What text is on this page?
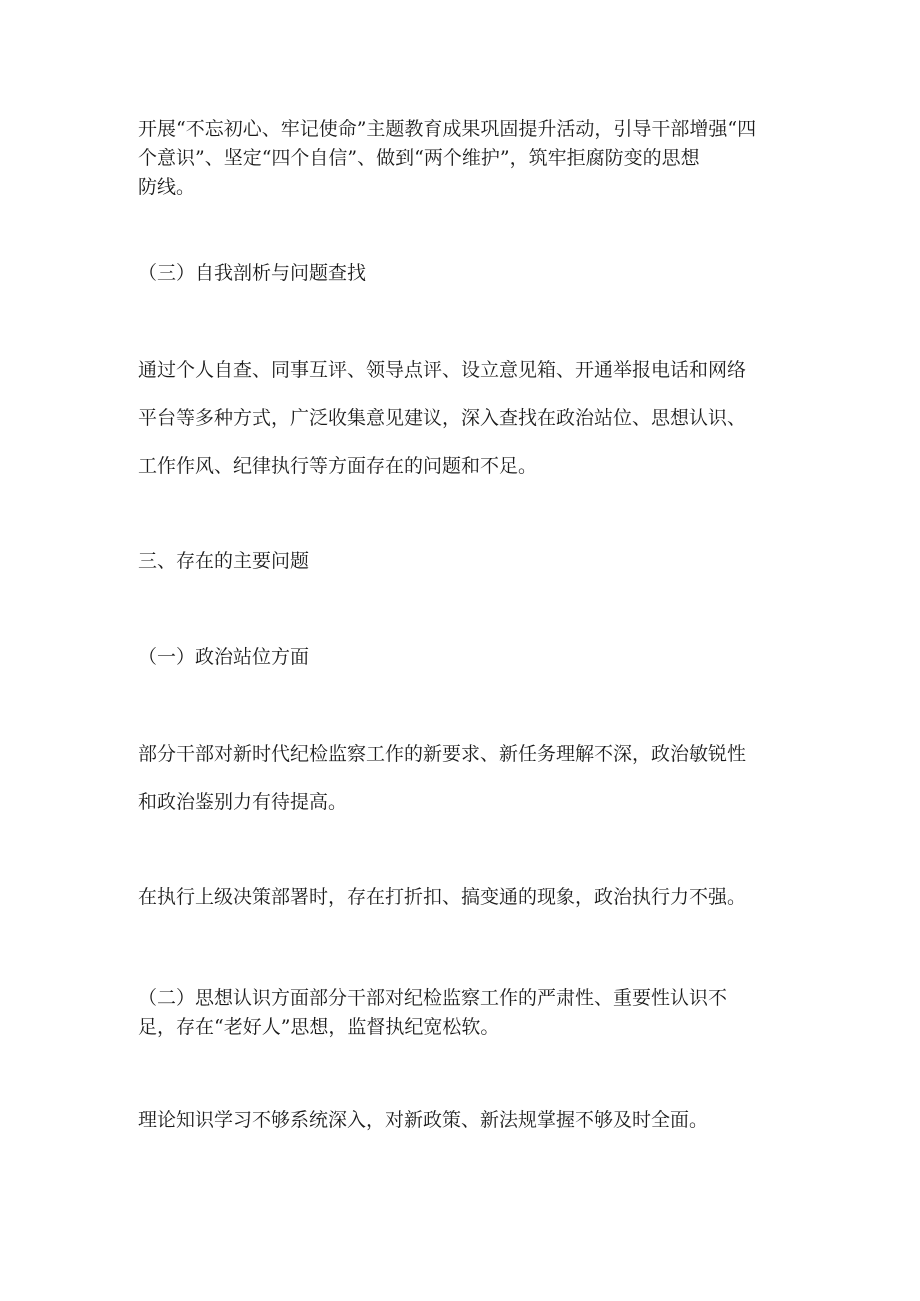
开展“不忘初心、牢记使命”主题教育成果巩固提升活动，引导干部增强“四
个意识”、坚定“四个自信”、做到“两个维护”，筑牢拒腐防变的思想
防线。

（三）自我剖析与问题查找

通过个人自查、同事互评、领导点评、设立意见箱、开通举报电话和网络
平台等多种方式，广泛收集意见建议，深入查找在政治站位、思想认识、
工作作风、纪律执行等方面存在的问题和不足。

三、存在的主要问题

（一）政治站位方面

部分干部对新时代纪检监察工作的新要求、新任务理解不深，政治敏锐性
和政治鉴别力有待提高。

在执行上级决策部署时，存在打折扣、搞变通的现象，政治执行力不强。

（二）思想认识方面部分干部对纪检监察工作的严肃性、重要性认识不
足，存在“老好人”思想，监督执纪宽松软。

理论知识学习不够系统深入，对新政策、新法规掌握不够及时全面。
